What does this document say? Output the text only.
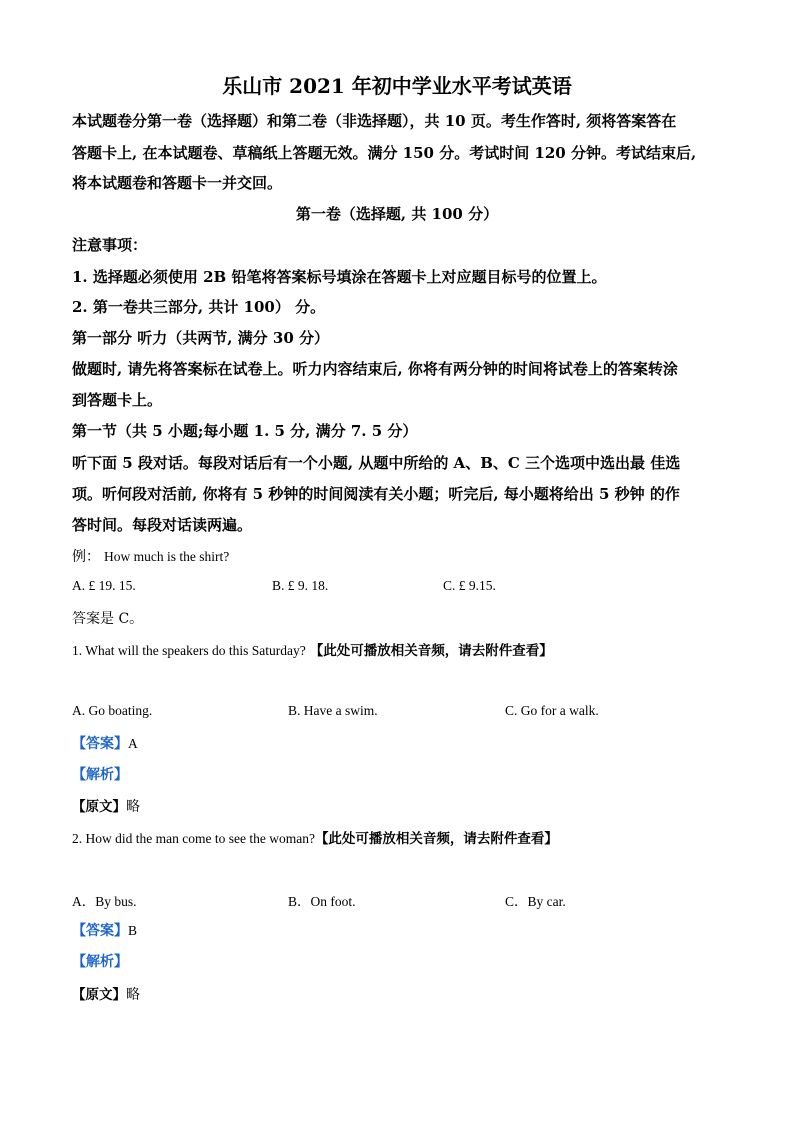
乐山市 2021 年初中学业水平考试英语
本试题卷分第一卷（选择题）和第二卷（非选择题），共 10 页。考生作答时, 须将答案答在
答题卡上, 在本试题卷、草稿纸上答题无效。满分 150 分。考试时间 120 分钟。考试结束后,
将本试题卷和答题卡一并交回。
第一卷（选择题, 共 100 分）
注意事项：
1. 选择题必须使用 2B 铅笔将答案标号填涂在答题卡上对应题目标号的位置上。
2. 第一卷共三部分, 共计 100） 分。
第一部分 听力（共两节, 满分 30 分）
做题时, 请先将答案标在试卷上。听力内容结束后, 你将有两分钟的时间将试卷上的答案转涂
到答题卡上。
第一节（共 5 小题;每小题 1. 5 分, 满分 7. 5 分）
听下面 5 段对话。每段对话后有一个小题, 从题中所给的 A、B、C 三个选项中选出最 佳选
项。听何段对活前, 你将有 5 秒钟的时间阅渎有关小题；听完后, 每小题将给出 5 秒钟 的作
答时间。每段对话读两遍。
例： How much is the shirt?
A. £ 19. 15.	B. £ 9. 18.	C. £ 9.15.
答案是 C。
1. What will the speakers do this Saturday? 【此处可播放相关音频，请去附件查看】
A. Go boating.	B. Have a swim.	C. Go for a walk.
【答案】A
【解析】
【原文】略
2. How did the man come to see the woman?【此处可播放相关音频，请去附件查看】
A．By bus.	B．On foot.	C．By car.
【答案】B
【解析】
【原文】略
